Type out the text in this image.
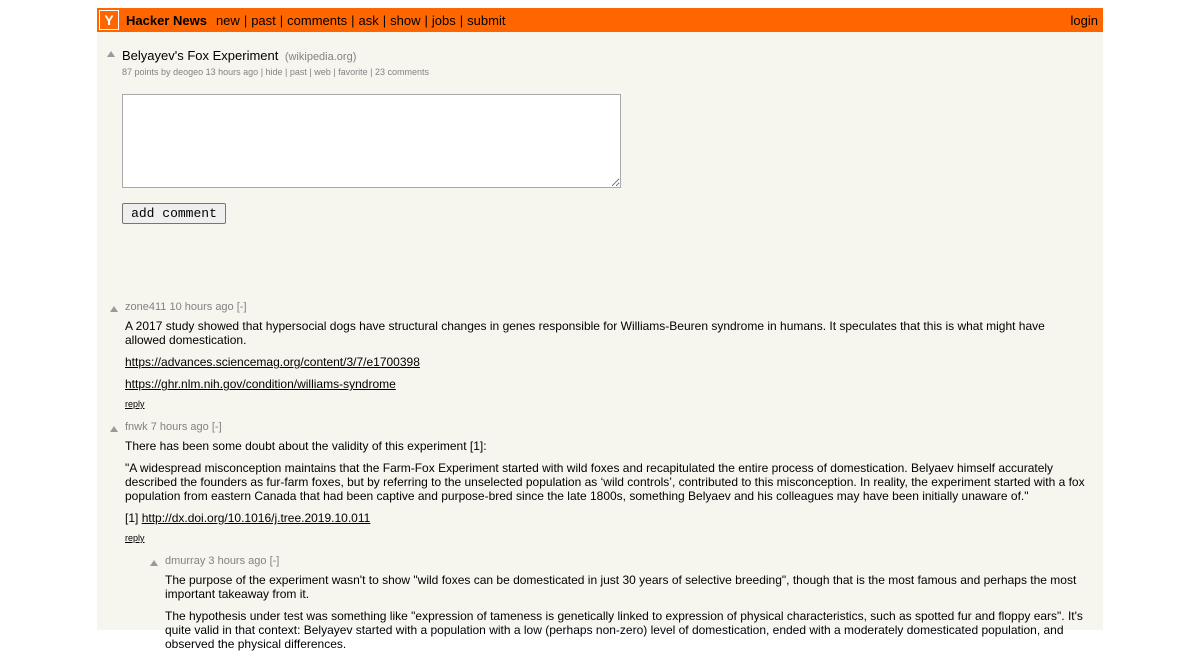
Y Hacker News new | past | comments | ask | show | jobs | submit	login
Belyayev's Fox Experiment (wikipedia.org)
87 points by deogeo 13 hours ago | hide | past | web | favorite | 23 comments
add comment
zone411 10 hours ago [-]

A 2017 study showed that hypersocial dogs have structural changes in genes responsible for Williams-Beuren syndrome in humans. It speculates that this is what might have allowed domestication.

https://advances.sciencemag.org/content/3/7/e1700398

https://ghr.nlm.nih.gov/condition/williams-syndrome

reply
fnwk 7 hours ago [-]

There has been some doubt about the validity of this experiment [1]:

"A widespread misconception maintains that the Farm-Fox Experiment started with wild foxes and recapitulated the entire process of domestication. Belyaev himself accurately described the founders as fur-farm foxes, but by referring to the unselected population as ‘wild controls’, contributed to this misconception. In reality, the experiment started with a fox population from eastern Canada that had been captive and purpose-bred since the late 1800s, something Belyaev and his colleagues may have been initially unaware of."

[1] http://dx.doi.org/10.1016/j.tree.2019.10.011

reply
dmurray 3 hours ago [-]

The purpose of the experiment wasn't to show "wild foxes can be domesticated in just 30 years of selective breeding", though that is the most famous and perhaps the most important takeaway from it.

The hypothesis under test was something like "expression of tameness is genetically linked to expression of physical characteristics, such as spotted fur and floppy ears". It's quite valid in that context: Belyayev started with a population with a low (perhaps non-zero) level of domestication, ended with a moderately domesticated population, and observed the physical differences.
